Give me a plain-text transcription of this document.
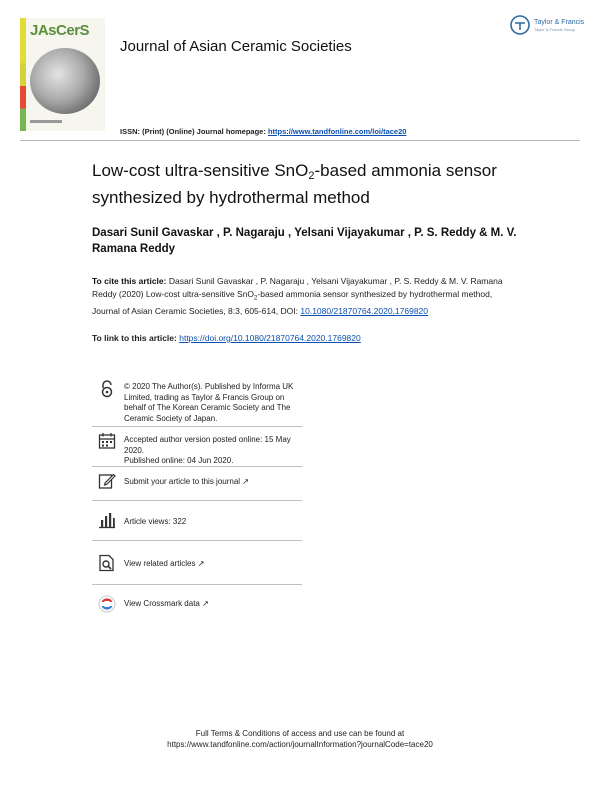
JAsCerS
Journal of Asian Ceramic Societies
Taylor & Francis
Taylor & Francis Group
ISSN: (Print) (Online) Journal homepage: https://www.tandfonline.com/loi/tace20
Low-cost ultra-sensitive SnO$_2$-based ammonia sensor synthesized by hydrothermal method
Dasari Sunil Gavaskar , P. Nagaraju , Yelsani Vijayakumar , P. S. Reddy & M. V. Ramana Reddy
To cite this article: Dasari Sunil Gavaskar , P. Nagaraju , Yelsani Vijayakumar , P. S. Reddy & M. V. Ramana Reddy (2020) Low-cost ultra-sensitive SnO$_2$-based ammonia sensor synthesized by hydrothermal method, Journal of Asian Ceramic Societies, 8:3, 605-614, DOI: 10.1080/21870764.2020.1769820
To link to this article: https://doi.org/10.1080/21870764.2020.1769820
© 2020 The Author(s). Published by Informa UK Limited, trading as Taylor & Francis Group on behalf of The Korean Ceramic Society and The Ceramic Society of Japan.
Accepted author version posted online: 15 May 2020.
Published online: 04 Jun 2020.
Submit your article to this journal ↗
Article views: 322
View related articles ↗
View Crossmark data ↗
Full Terms & Conditions of access and use can be found at
https://www.tandfonline.com/action/journalInformation?journalCode=tace20
